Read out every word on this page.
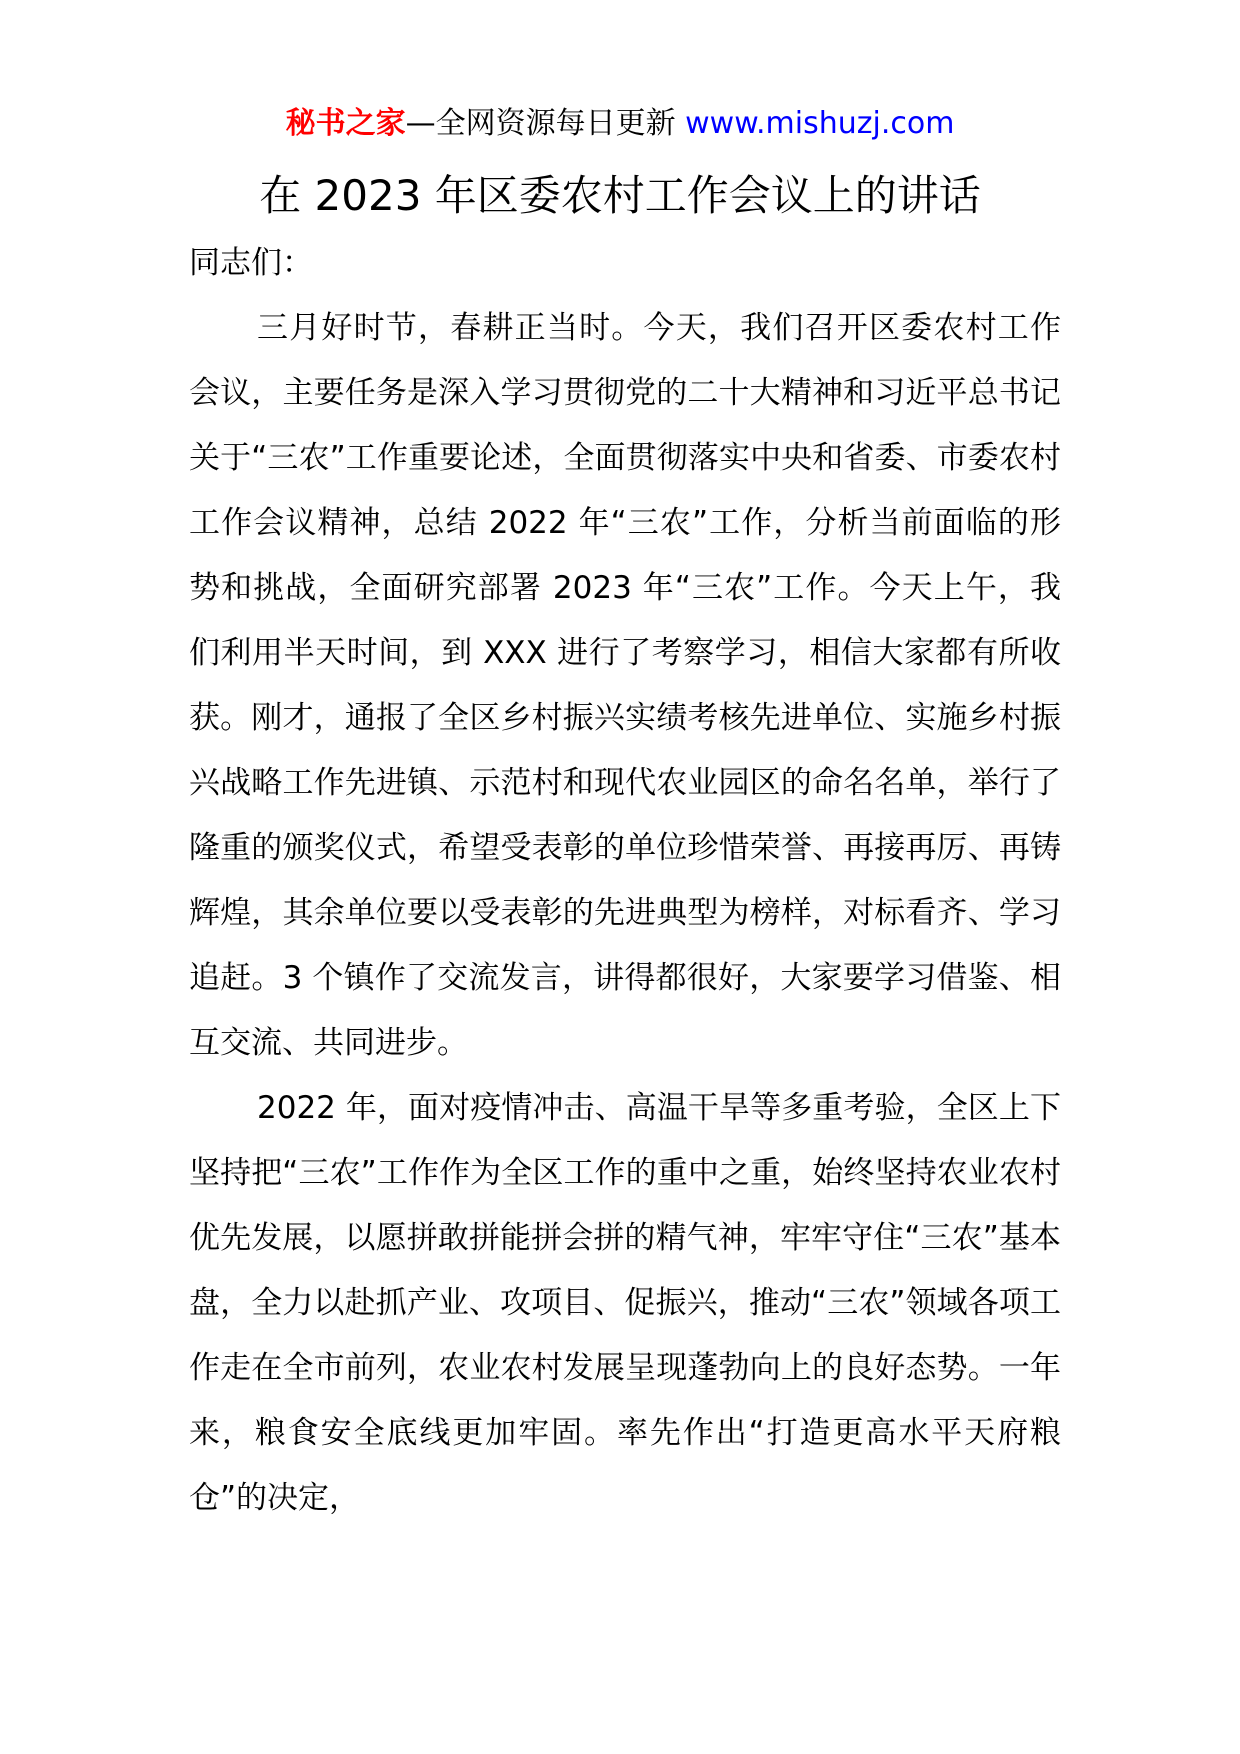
秘书之家—全网资源每日更新 www.mishuzj.com
在 2023 年区委农村工作会议上的讲话

同志们：

三月好时节，春耕正当时。今天，我们召开区委农村工作会议，主要任务是深入学习贯彻党的二十大精神和习近平总书记关于“三农”工作重要论述，全面贯彻落实中央和省委、市委农村工作会议精神，总结 2022 年“三农”工作，分析当前面临的形势和挑战，全面研究部署 2023 年“三农”工作。今天上午，我们利用半天时间，到 XXX 进行了考察学习，相信大家都有所收获。刚才，通报了全区乡村振兴实绩考核先进单位、实施乡村振兴战略工作先进镇、示范村和现代农业园区的命名名单，举行了隆重的颁奖仪式，希望受表彰的单位珍惜荣誉、再接再厉、再铸辉煌，其余单位要以受表彰的先进典型为榜样，对标看齐、学习追赶。3 个镇作了交流发言，讲得都很好，大家要学习借鉴、相互交流、共同进步。

2022 年，面对疫情冲击、高温干旱等多重考验，全区上下坚持把“三农”工作作为全区工作的重中之重，始终坚持农业农村优先发展，以愿拼敢拼能拼会拼的精气神，牢牢守住“三农”基本盘，全力以赴抓产业、攻项目、促振兴，推动“三农”领域各项工作走在全市前列，农业农村发展呈现蓬勃向上的良好态势。一年来，粮食安全底线更加牢固。率先作出“打造更高水平天府粮仓”的决定，
